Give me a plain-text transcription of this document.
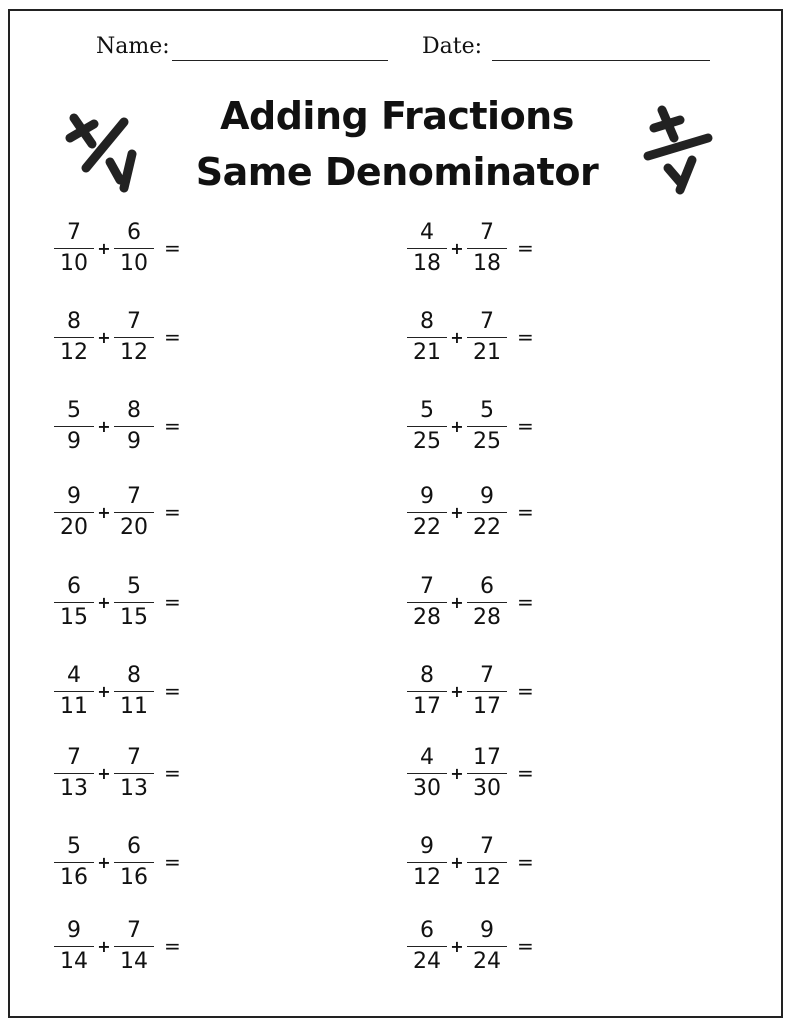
Name:	Date:
Adding Fractions
Same Denominator
$\frac{7}{10} + \frac{6}{10}$ =
$\frac{8}{12} + \frac{7}{12}$ =
$\frac{5}{9} + \frac{8}{9}$ =
$\frac{9}{20} + \frac{7}{20}$ =
$\frac{6}{15} + \frac{5}{15}$ =
$\frac{4}{11} + \frac{8}{11}$ =
$\frac{7}{13} + \frac{7}{13}$ =
$\frac{5}{16} + \frac{6}{16}$ =
$\frac{9}{14} + \frac{7}{14}$ =
$\frac{4}{18} + \frac{7}{18}$ =
$\frac{8}{21} + \frac{7}{21}$ =
$\frac{5}{25} + \frac{5}{25}$ =
$\frac{9}{22} + \frac{9}{22}$ =
$\frac{7}{28} + \frac{6}{28}$ =
$\frac{8}{17} + \frac{7}{17}$ =
$\frac{4}{30} + \frac{17}{30}$ =
$\frac{9}{12} + \frac{7}{12}$ =
$\frac{6}{24} + \frac{9}{24}$ =
